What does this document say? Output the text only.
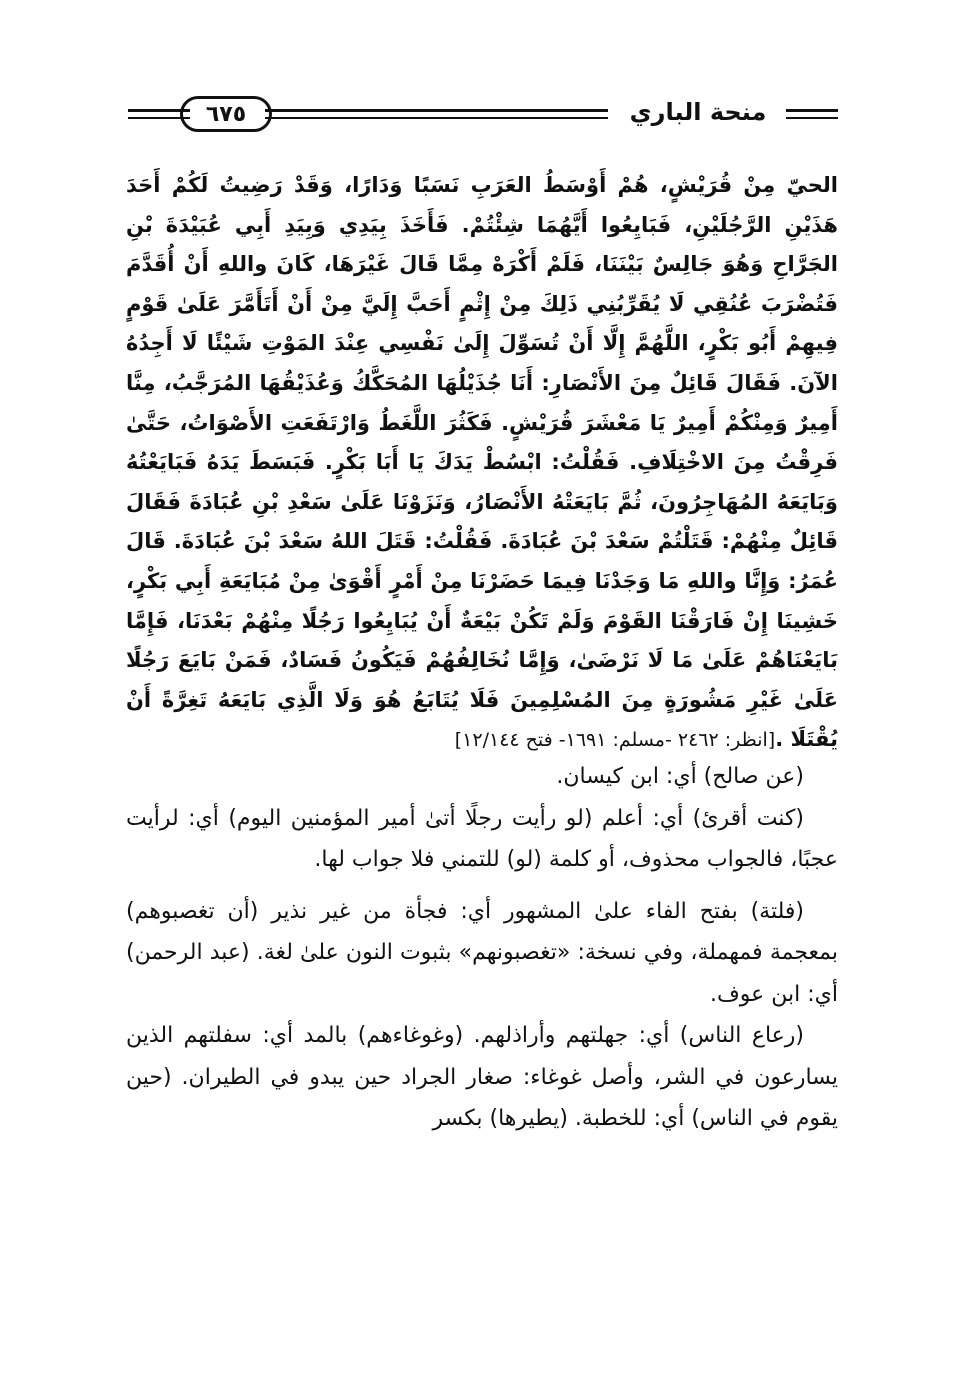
٦٧٥	منحة الباري

الحيّ مِنْ قُرَيْشٍ، هُمْ أَوْسَطُ العَرَبِ نَسَبًا وَدَارًا، وَقَدْ رَضِيتُ لَكُمْ أَحَدَ هَذَيْنِ الرَّجُلَيْنِ، فَبَايِعُوا أَيَّهُمَا شِئْتُمْ. فَأَخَذَ بِيَدِي وَبِيَدِ أَبِي عُبَيْدَةَ بْنِ الجَرَّاحِ وَهُوَ جَالِسٌ بَيْنَنَا، فَلَمْ أَكْرَهْ مِمَّا قَالَ غَيْرَهَا، كَانَ واللهِ أَنْ أُقَدَّمَ فَتُضْرَبَ عُنُقِي لَا يُقَرِّبُنِي ذَلِكَ مِنْ إِثْمٍ أَحَبَّ إِلَيَّ مِنْ أَنْ أَتَأَمَّرَ عَلَىٰ قَوْمٍ فِيهِمْ أَبُو بَكْرٍ، اللَّهُمَّ إِلَّا أَنْ تُسَوِّلَ إِلَىٰ نَفْسِي عِنْدَ المَوْتِ شَيْئًا لَا أَجِدُهُ الآنَ. فَقَالَ قَائِلٌ مِنَ الأَنْصَارِ: أَنَا جُذَيْلُهَا المُحَكَّكُ وَعُذَيْقُهَا المُرَجَّبُ، مِنَّا أَمِيرٌ وَمِنْكُمْ أَمِيرٌ يَا مَعْشَرَ قُرَيْشٍ. فَكَثُرَ اللَّغَطُ وَارْتَفَعَتِ الأَصْوَاتُ، حَتَّىٰ فَرِقْتُ مِنَ الاخْتِلَافِ. فَقُلْتُ: ابْسُطْ يَدَكَ يَا أَبَا بَكْرٍ. فَبَسَطَ يَدَهُ فَبَايَعْتُهُ وَبَايَعَهُ المُهَاجِرُونَ، ثُمَّ بَايَعَتْهُ الأَنْصَارُ، وَنَزَوْنَا عَلَىٰ سَعْدِ بْنِ عُبَادَةَ فَقَالَ قَائِلٌ مِنْهُمْ: قَتَلْتُمْ سَعْدَ بْنَ عُبَادَةَ. فَقُلْتُ: قَتَلَ اللهُ سَعْدَ بْنَ عُبَادَةَ. قَالَ عُمَرُ: وَإِنَّا واللهِ مَا وَجَدْنَا فِيمَا حَضَرْنَا مِنْ أَمْرٍ أَقْوَىٰ مِنْ مُبَايَعَةِ أَبِي بَكْرٍ، خَشِينَا إِنْ فَارَقْنَا القَوْمَ وَلَمْ تَكُنْ بَيْعَةٌ أَنْ يُبَايِعُوا رَجُلًا مِنْهُمْ بَعْدَنَا، فَإِمَّا بَايَعْنَاهُمْ عَلَىٰ مَا لَا نَرْضَىٰ، وَإِمَّا نُخَالِفُهُمْ فَيَكُونُ فَسَادٌ، فَمَنْ بَايَعَ رَجُلًا عَلَىٰ غَيْرِ مَشُورَةٍ مِنَ المُسْلِمِينَ فَلَا يُتَابَعُ هُوَ وَلَا الَّذِي بَايَعَهُ تَغِرَّةً أَنْ يُقْتَلَا .[انظر: ٢٤٦٢ -مسلم: ١٦٩١- فتح ١٢/١٤٤]

(عن صالح) أي: ابن كيسان.

(كنت أقرئ) أي: أعلم (لو رأيت رجلًا أتىٰ أمير المؤمنين اليوم) أي: لرأيت عجبًا، فالجواب محذوف، أو كلمة (لو) للتمني فلا جواب لها.

(فلتة) بفتح الفاء علىٰ المشهور أي: فجأة من غير نذير (أن تغصبوهم) بمعجمة فمهملة، وفي نسخة: «تغصبونهم» بثبوت النون علىٰ لغة. (عبد الرحمن) أي: ابن عوف.

(رعاع الناس) أي: جهلتهم وأراذلهم. (وغوغاءهم) بالمد أي: سفلتهم الذين يسارعون في الشر، وأصل غوغاء: صغار الجراد حين يبدو في الطيران. (حين يقوم في الناس) أي: للخطبة. (يطيرها) بكسر
